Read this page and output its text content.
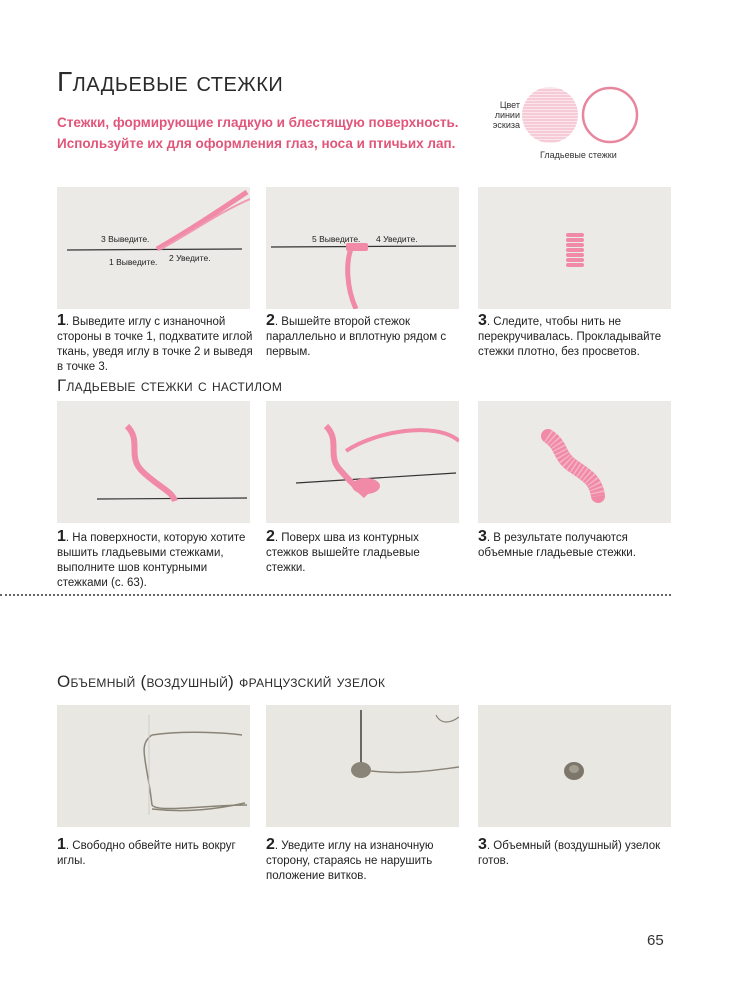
Гладьевые стежки
Стежки, формирующие гладкую и блестящую поверхность.
Используйте их для оформления глаз, носа и птичьих лап.
Цвет
линии
эскиза
Гладьевые стежки
3 Выведите.
1 Выведите. 2 Уведите.
5 Выведите. 4 Уведите.
1. Выведите иглу с изнаночной стороны в точке 1, подхватите иглой ткань, уведя иглу в точке 2 и выведя в точке 3.
2. Вышейте второй стежок параллельно и вплотную рядом с первым.
3. Следите, чтобы нить не перекручивалась. Прокладывайте стежки плотно, без просветов.
Гладьевые стежки с настилом
1. На поверхности, которую хотите вышить гладьевыми стежками, выполните шов контурными стежками (с. 63).
2. Поверх шва из контурных стежков вышейте гладьевые стежки.
3. В результате получаются объемные гладьевые стежки.
Объемный (воздушный) французский узелок
1. Свободно обвейте нить вокруг иглы.
2. Уведите иглу на изнаночную сторону, стараясь не нарушить положение витков.
3. Объемный (воздушный) узелок готов.
65
